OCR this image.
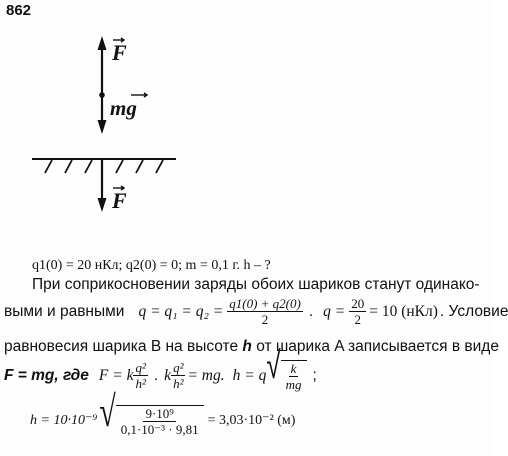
862
F
mg
F
q1(0) = 20 нКл; q2(0) = 0; m = 0,1 г. h – ?
При соприкосновении заряды обоих шариков станут одинако-
выми и равными $q = q_1 = q_2 = \frac{q1(0) + q2(0)}{2}$ . $q = \frac{20}{2} = 10$ (нКл) . Условие
равновесия шарика B на высоте h от шарика A записывается в виде
F = mg, где F = k $\frac{\text{q²}}{\text{h²}}$ . k $\frac{\text{q²}}{\text{h²}}$ = mg. h = q √ $\frac{k}{mg}$ ;
h = 10·10⁻⁹ √ $\frac{\text{9·10⁹}}{\text{0,1·10⁻³ · 9,81}} = 3,03\cdot 10^{-2}$ (м)
